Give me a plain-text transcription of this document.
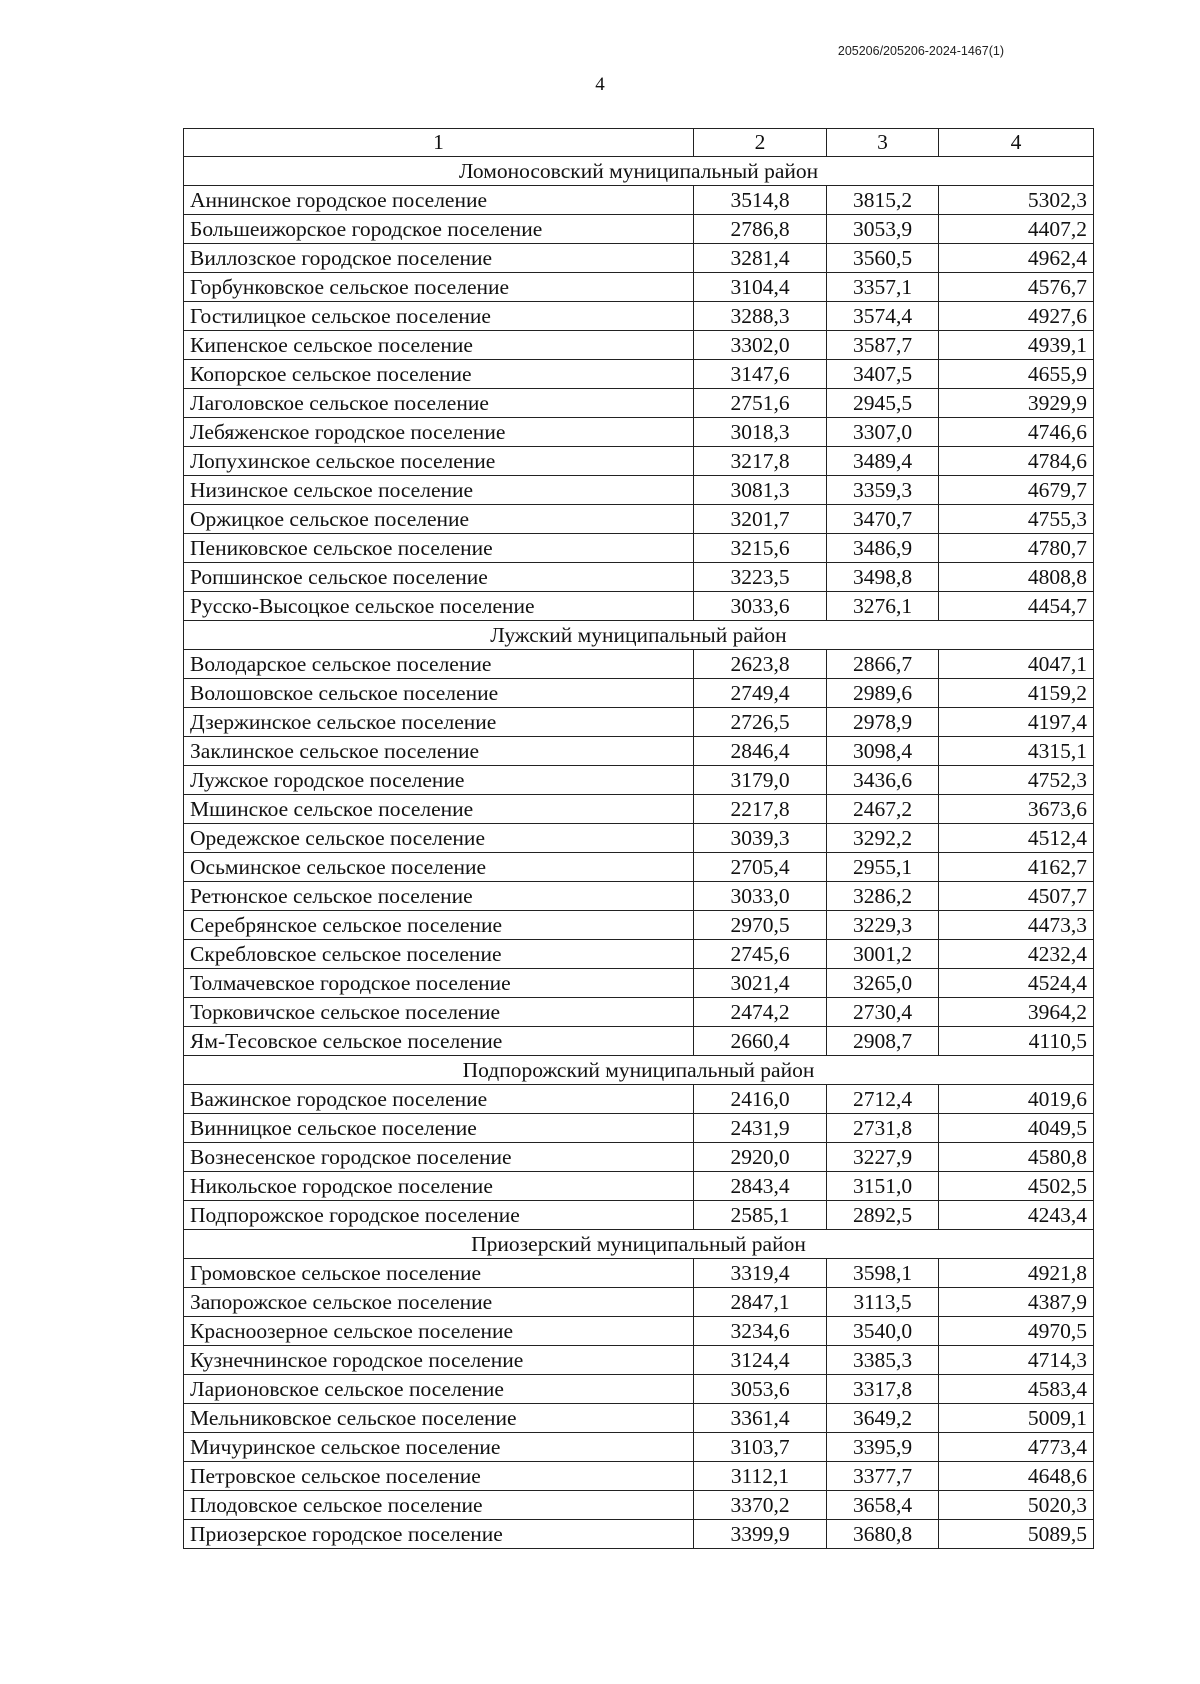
205206/205206-2024-1467(1)
4
1	2	3	4
Ломоносовский муниципальный район			
Аннинское городское поселение	3514,8	3815,2	5302,3
Большеижорское городское поселение	2786,8	3053,9	4407,2
Виллозское городское поселение	3281,4	3560,5	4962,4
Горбунковское сельское поселение	3104,4	3357,1	4576,7
Гостилицкое сельское поселение	3288,3	3574,4	4927,6
Кипенское сельское поселение	3302,0	3587,7	4939,1
Копорское сельское поселение	3147,6	3407,5	4655,9
Лаголовское сельское поселение	2751,6	2945,5	3929,9
Лебяженское городское поселение	3018,3	3307,0	4746,6
Лопухинское сельское поселение	3217,8	3489,4	4784,6
Низинское сельское поселение	3081,3	3359,3	4679,7
Оржицкое сельское поселение	3201,7	3470,7	4755,3
Пениковское сельское поселение	3215,6	3486,9	4780,7
Ропшинское сельское поселение	3223,5	3498,8	4808,8
Русско-Высоцкое сельское поселение	3033,6	3276,1	4454,7
Лужский муниципальный район			
Володарское сельское поселение	2623,8	2866,7	4047,1
Волошовское сельское поселение	2749,4	2989,6	4159,2
Дзержинское сельское поселение	2726,5	2978,9	4197,4
Заклинское сельское поселение	2846,4	3098,4	4315,1
Лужское городское поселение	3179,0	3436,6	4752,3
Мшинское сельское поселение	2217,8	2467,2	3673,6
Оредежское сельское поселение	3039,3	3292,2	4512,4
Осьминское сельское поселение	2705,4	2955,1	4162,7
Ретюнское сельское поселение	3033,0	3286,2	4507,7
Серебрянское сельское поселение	2970,5	3229,3	4473,3
Скребловское сельское поселение	2745,6	3001,2	4232,4
Толмачевское городское поселение	3021,4	3265,0	4524,4
Торковичское сельское поселение	2474,2	2730,4	3964,2
Ям-Тесовское сельское поселение	2660,4	2908,7	4110,5
Подпорожский муниципальный район			
Важинское городское поселение	2416,0	2712,4	4019,6
Винницкое сельское поселение	2431,9	2731,8	4049,5
Вознесенское городское поселение	2920,0	3227,9	4580,8
Никольское городское поселение	2843,4	3151,0	4502,5
Подпорожское городское поселение	2585,1	2892,5	4243,4
Приозерский муниципальный район			
Громовское сельское поселение	3319,4	3598,1	4921,8
Запорожское сельское поселение	2847,1	3113,5	4387,9
Красноозерное сельское поселение	3234,6	3540,0	4970,5
Кузнечнинское городское поселение	3124,4	3385,3	4714,3
Ларионовское сельское поселение	3053,6	3317,8	4583,4
Мельниковское сельское поселение	3361,4	3649,2	5009,1
Мичуринское сельское поселение	3103,7	3395,9	4773,4
Петровское сельское поселение	3112,1	3377,7	4648,6
Плодовское сельское поселение	3370,2	3658,4	5020,3
Приозерское городское поселение	3399,9	3680,8	5089,5
